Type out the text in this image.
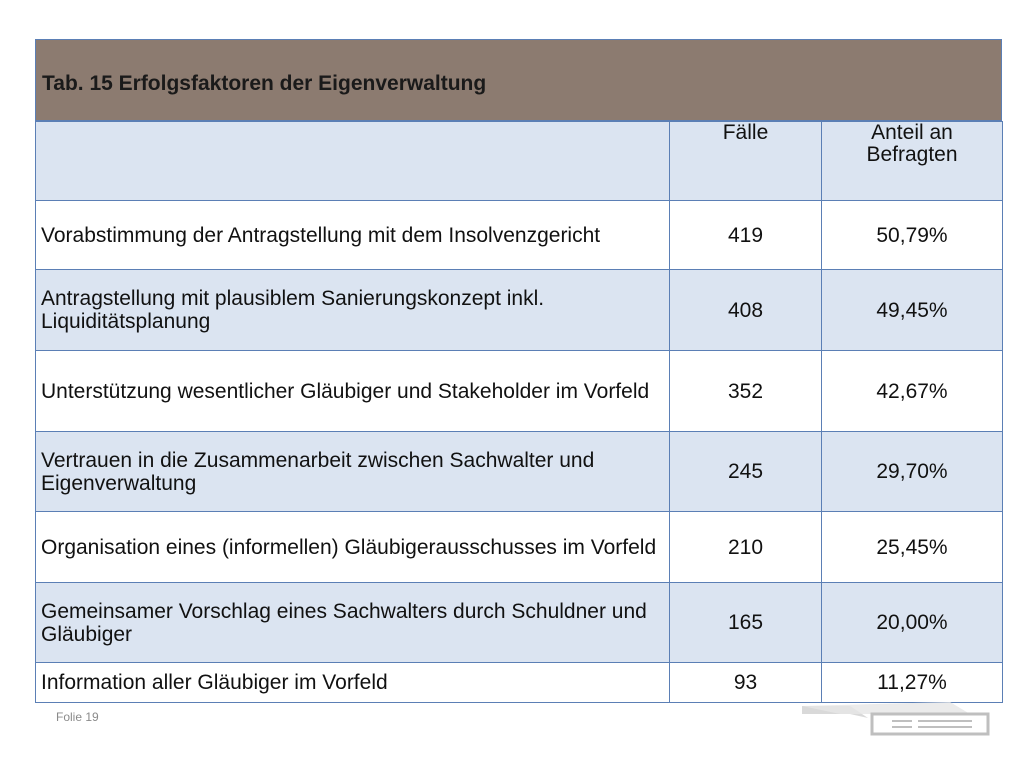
Tab. 15 Erfolgsfaktoren der Eigenverwaltung
	Fälle	Anteil an Befragten
Vorabstimmung der Antragstellung mit dem Insolvenzgericht	419	50,79%
Antragstellung mit plausiblem Sanierungskonzept inkl. Liquiditätsplanung	408	49,45%
Unterstützung wesentlicher Gläubiger und Stakeholder im Vorfeld	352	42,67%
Vertrauen in die Zusammenarbeit zwischen Sachwalter und Eigenverwaltung	245	29,70%
Organisation eines (informellen) Gläubigerausschusses im Vorfeld	210	25,45%
Gemeinsamer Vorschlag eines Sachwalters durch Schuldner und Gläubiger	165	20,00%
Information aller Gläubiger im Vorfeld	93	11,27%
Folie 19
